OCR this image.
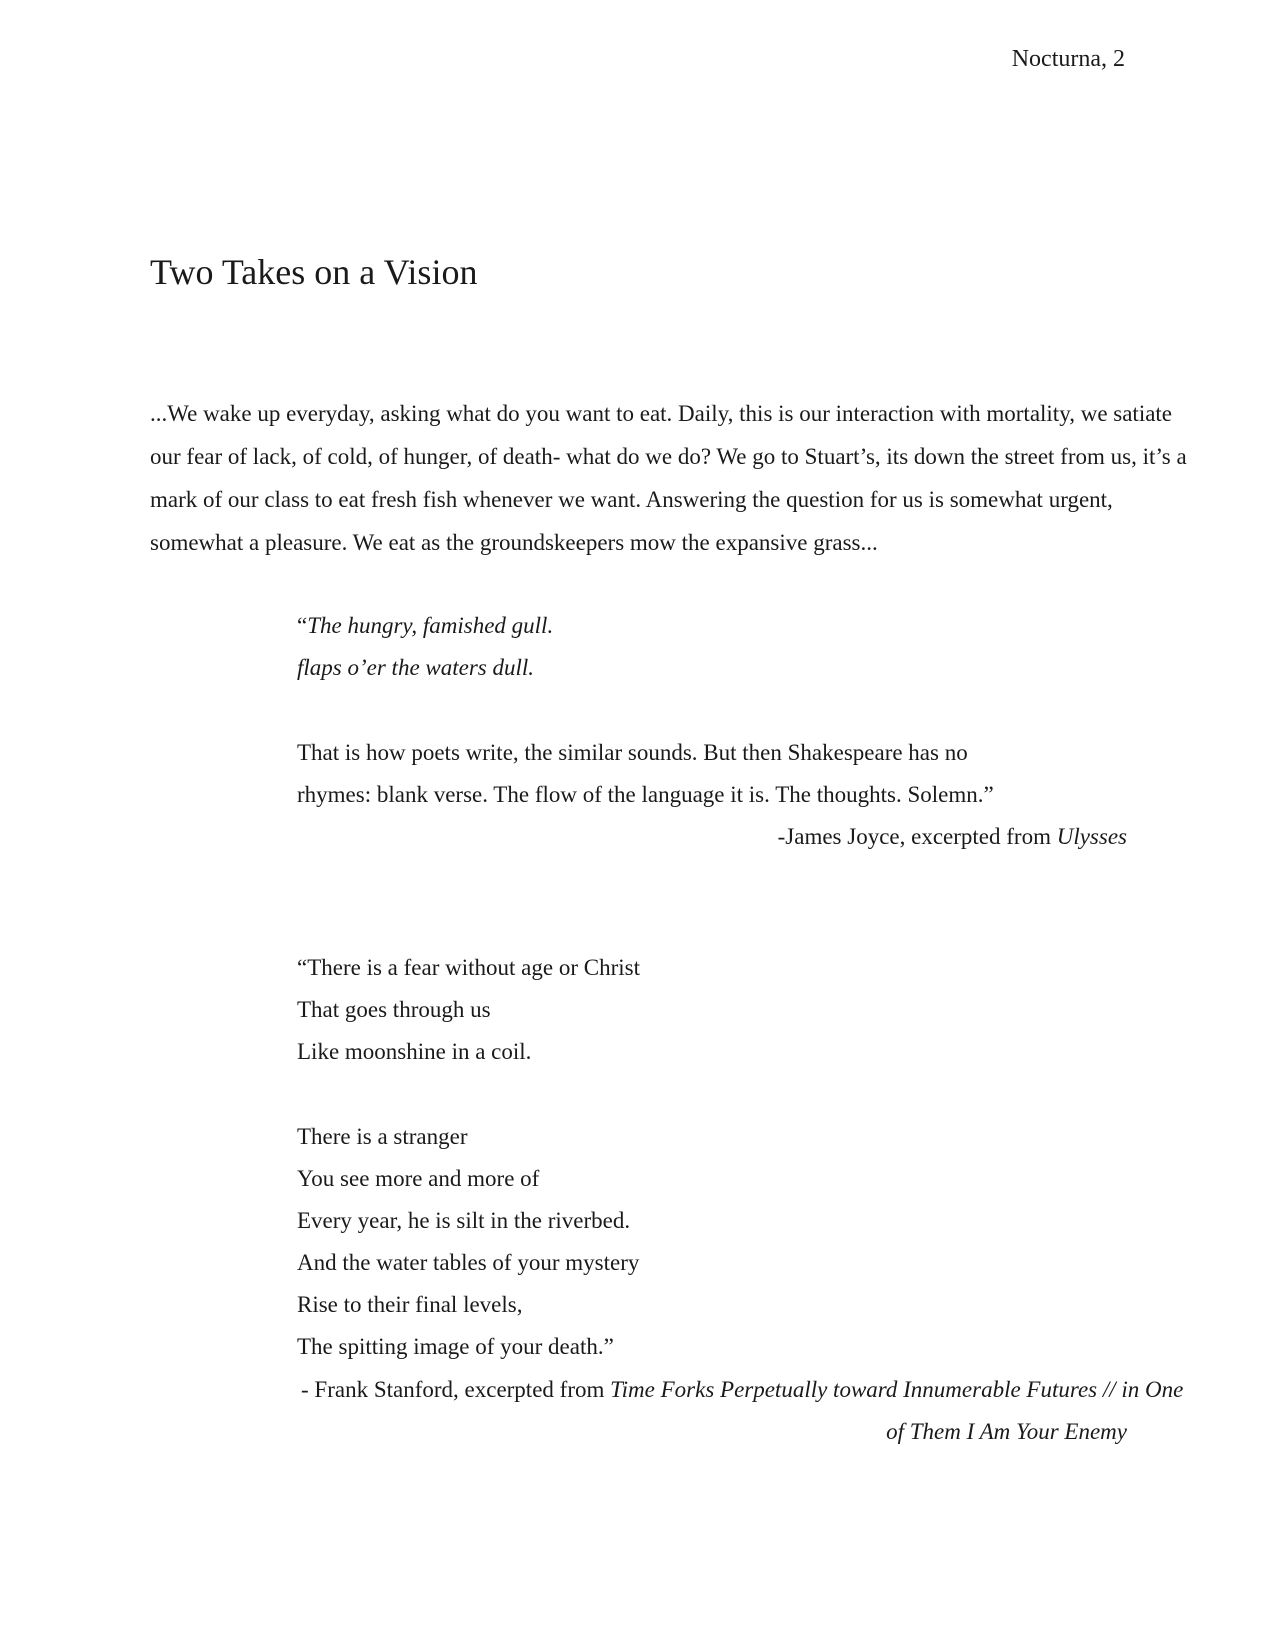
Nocturna, 2
Two Takes on a Vision
...We wake up everyday, asking what do you want to eat. Daily, this is our interaction with mortality, we satiate
our fear of lack, of cold, of hunger, of death- what do we do? We go to Stuart’s, its down the street from us, it’s a
mark of our class to eat fresh fish whenever we want. Answering the question for us is somewhat urgent,
somewhat a pleasure. We eat as the groundskeepers mow the expansive grass...
“The hungry, famished gull.
flaps o’er the waters dull.
That is how poets write, the similar sounds. But then Shakespeare has no
rhymes: blank verse. The flow of the language it is. The thoughts. Solemn.”
-James Joyce, excerpted from Ulysses
“There is a fear without age or Christ
That goes through us
Like moonshine in a coil.
There is a stranger
You see more and more of
Every year, he is silt in the riverbed.
And the water tables of your mystery
Rise to their final levels,
The spitting image of your death.”
- Frank Stanford, excerpted from Time Forks Perpetually toward Innumerable Futures // in One
of Them I Am Your Enemy
